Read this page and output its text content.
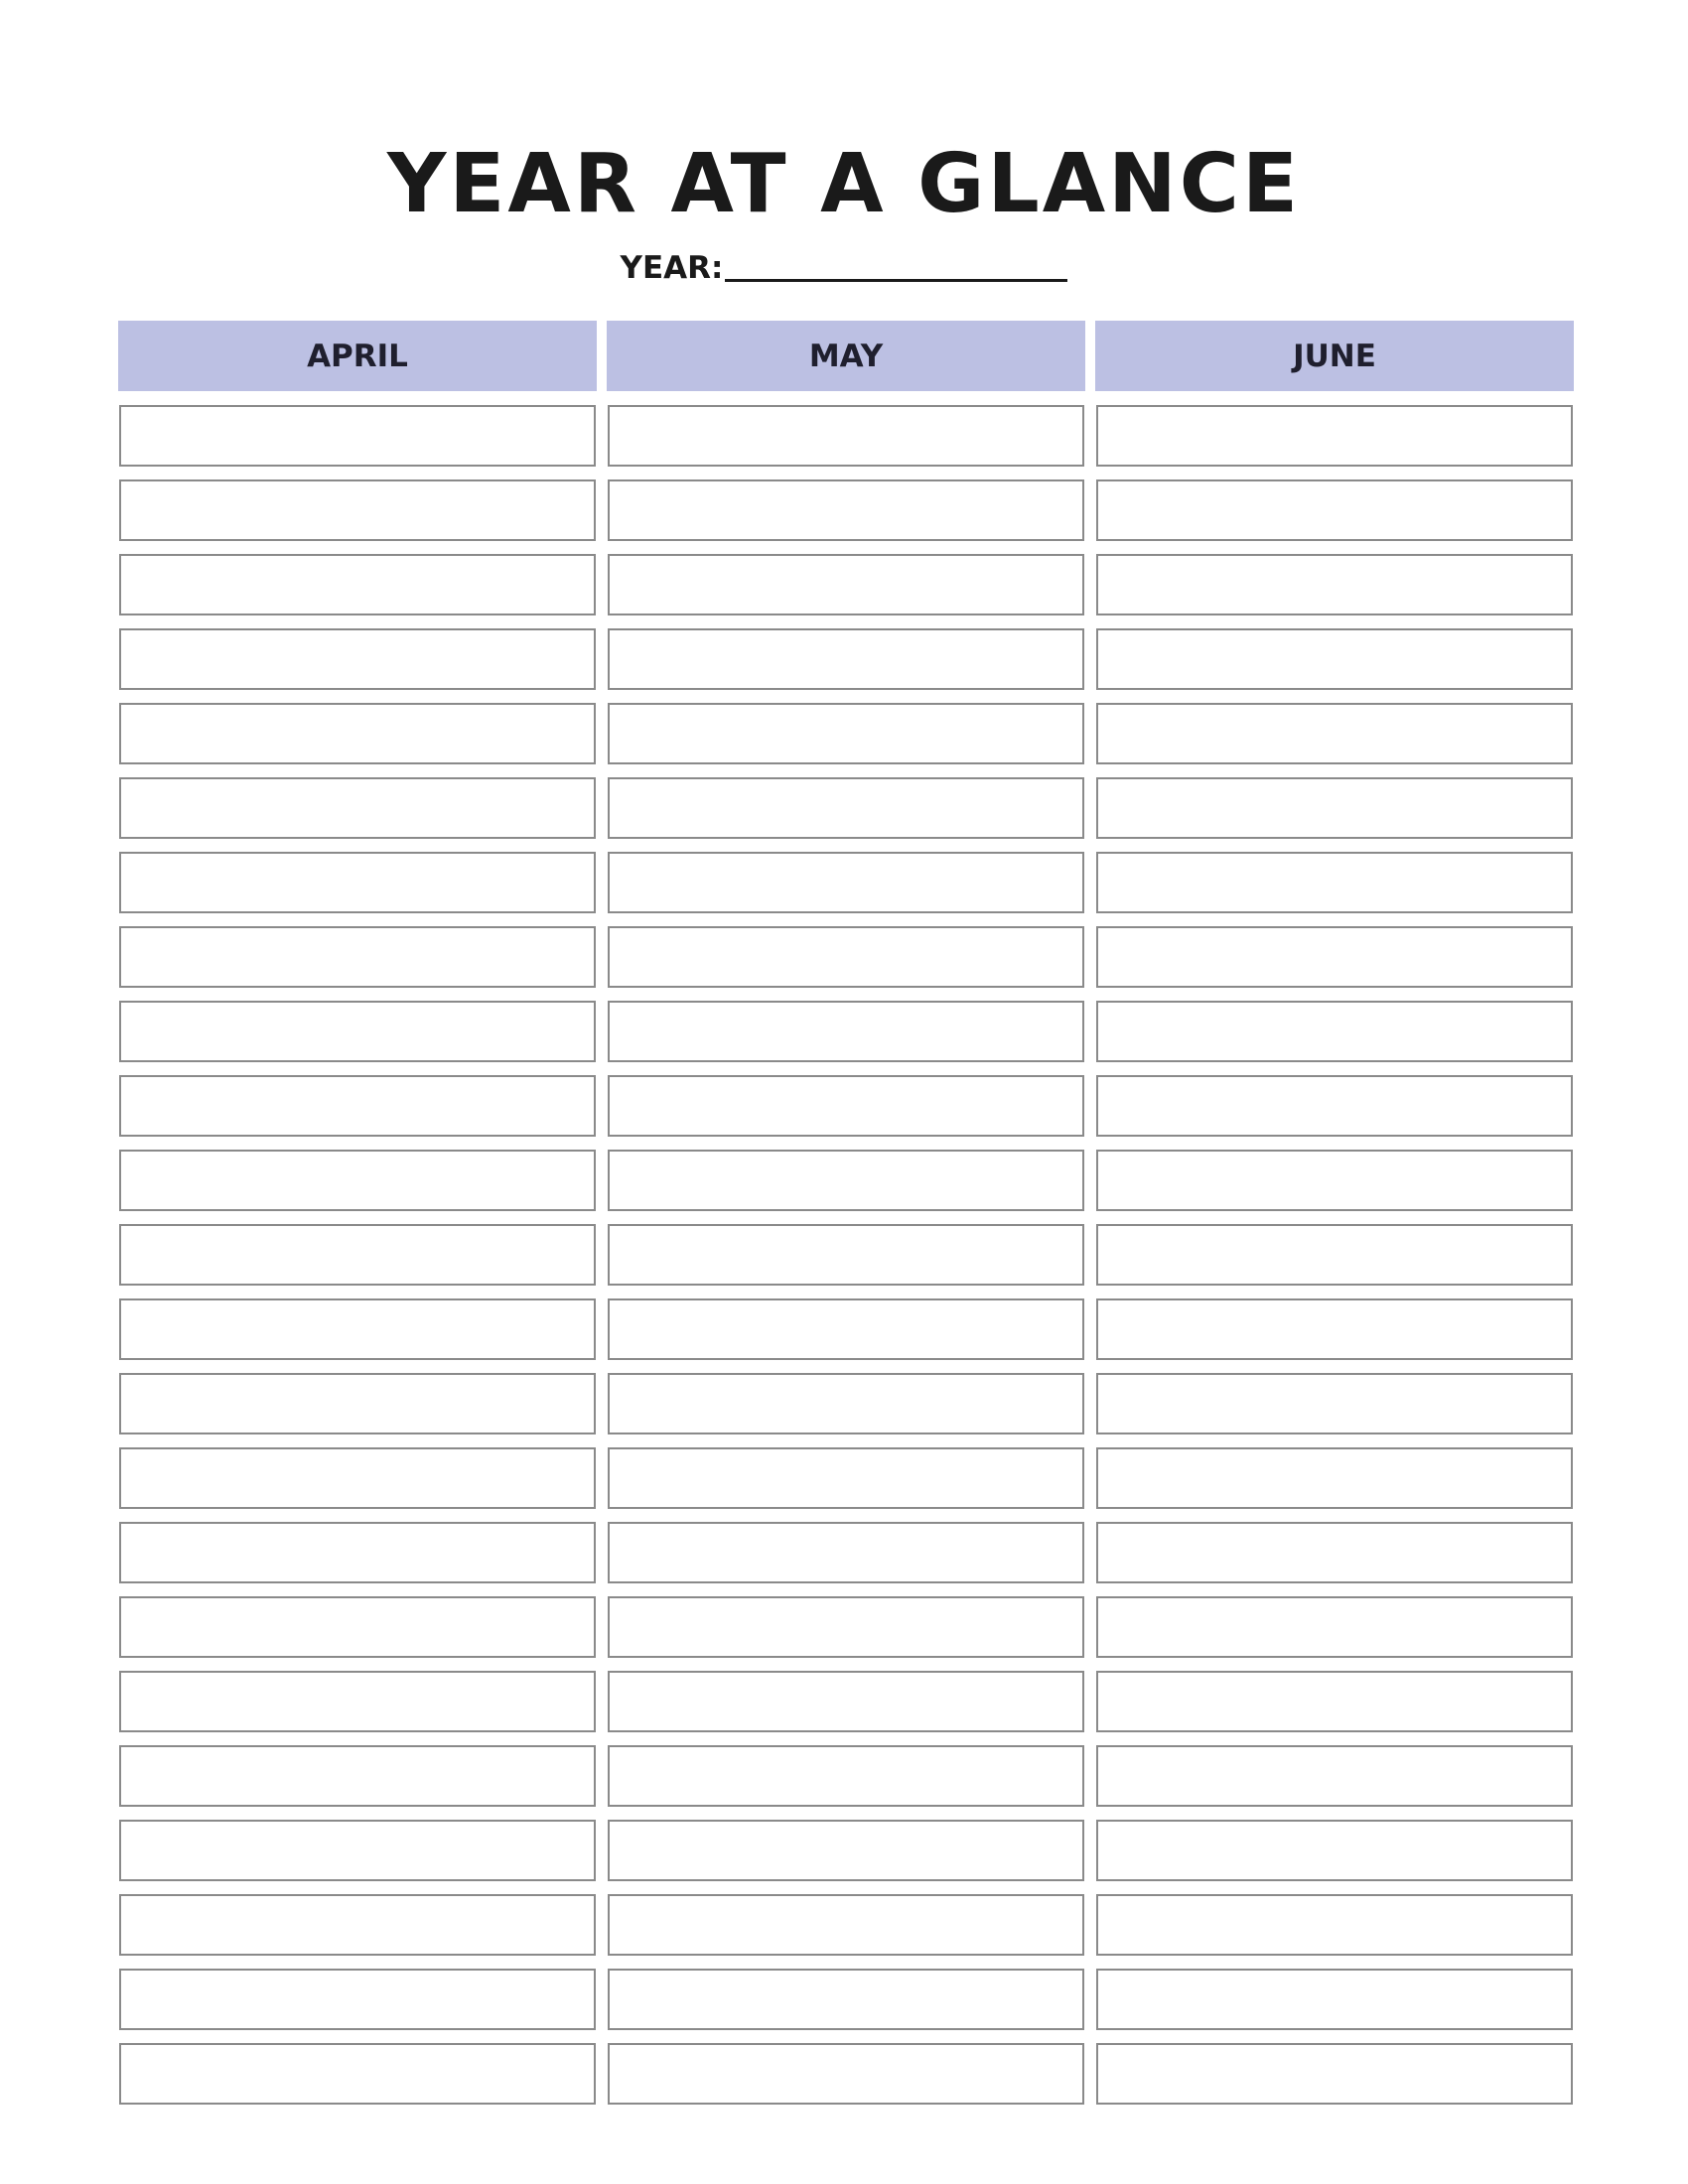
YEAR AT A GLANCE
YEAR:
APRIL	MAY	JUNE
